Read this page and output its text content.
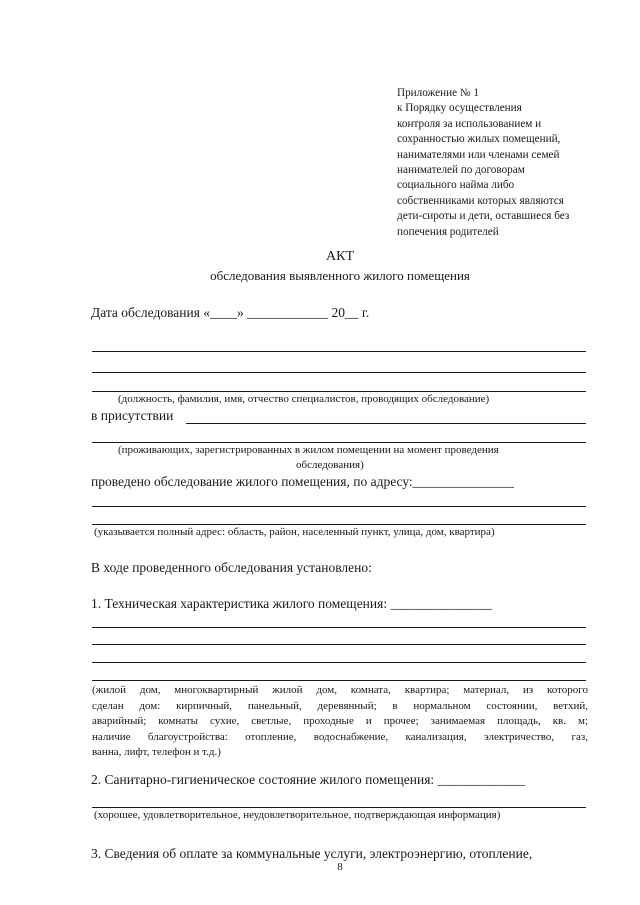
Приложение № 1
к Порядку осуществления
контроля за использованием и
сохранностью жилых помещений,
нанимателями или членами семей
нанимателей по договорам
социального найма либо
собственниками которых являются
дети-сироты и дети, оставшиеся без
попечения родителей
АКТ
обследования выявленного жилого помещения
Дата обследования «____» ____________ 20__ г.
(должность, фамилия, имя, отчество специалистов, проводящих обследование)
в присутствии
(проживающих, зарегистрированных в жилом помещении на момент проведения
обследования)
проведено обследование жилого помещения, по адресу:_______________
(указывается полный адрес: область, район, населенный пункт, улица, дом, квартира)
В ходе проведенного обследования установлено:
1. Техническая характеристика жилого помещения: _______________
(жилой дом, многоквартирный жилой дом, комната, квартира; материал, из которого
сделан дом: кирпичный, панельный, деревянный; в нормальном состоянии, ветхий,
аварийный; комнаты сухие, светлые, проходные и прочее; занимаемая площадь, кв. м;
наличие благоустройства: отопление, водоснабжение, канализация, электричество, газ,
ванна, лифт, телефон и т.д.)
2. Санитарно-гигиеническое состояние жилого помещения: _____________
(хорошее, удовлетворительное, неудовлетворительное, подтверждающая информация)
3. Сведения об оплате за коммунальные услуги, электроэнергию, отопление,
8
